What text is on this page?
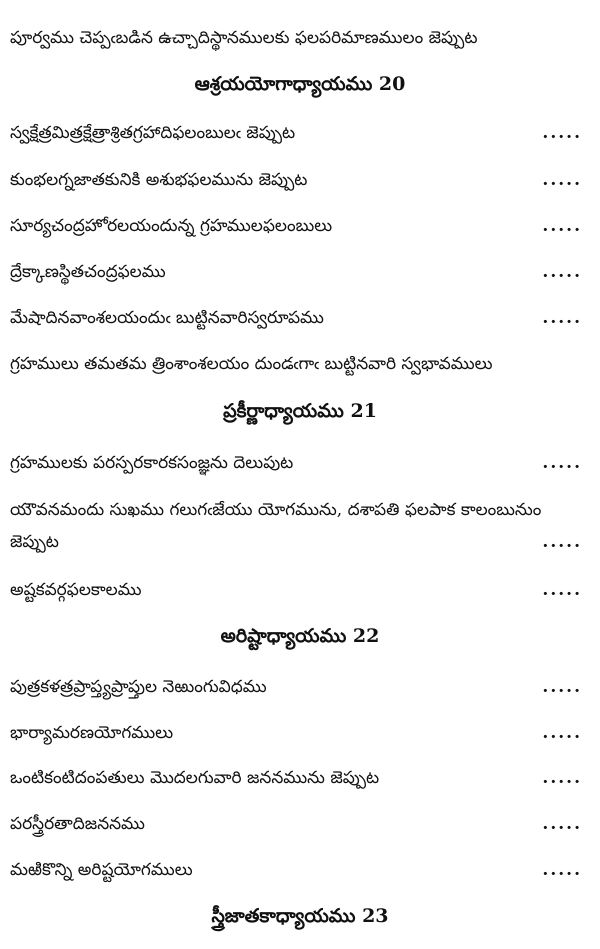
పూర్వము చెప్పఁబడిన ఉచ్చాదిస్థానములకు ఫలపరిమాణములం జెప్పుట
ఆశ్రయయోగాధ్యాయము 20
స్వక్షేత్రమిత్రక్షేత్రాశ్రితగ్రహాదిఫలంబులఁ జెప్పుట	.....
కుంభలగ్నజాతకునికి అశుభఫలమును జెప్పుట	.....
సూర్యచంద్రహోరలయందున్న గ్రహములఫలంబులు	.....
ద్రేక్కాణస్థితచంద్రఫలము	.....
మేషాదినవాంశలయందుఁ బుట్టినవారిస్వరూపము	.....
గ్రహములు తమతమ త్రింశాంశలయం దుండఁగాఁ బుట్టినవారి స్వభావములు
ప్రకీర్ణాధ్యాయము 21
గ్రహములకు పరస్పరకారకసంజ్ఞను దెలుపుట	.....
యౌవనమందు సుఖము గలుగఁజేయు యోగమును, దశాపతి ఫలపాక కాలంబునుం
జెప్పుట	.....
అష్టకవర్గఫలకాలము	.....
అరిష్టాధ్యాయము 22
పుత్రకళత్రప్రాప్త్యప్రాప్తుల నెఱుంగువిధము	.....
భార్యామరణయోగములు	.....
ఒంటికంటిదంపతులు మొదలగువారి జననమును జెప్పుట	.....
పరస్త్రీరతాదిజననము	.....
మఱికొన్ని అరిష్టయోగములు	.....
స్త్రీజాతకాధ్యాయము 23
